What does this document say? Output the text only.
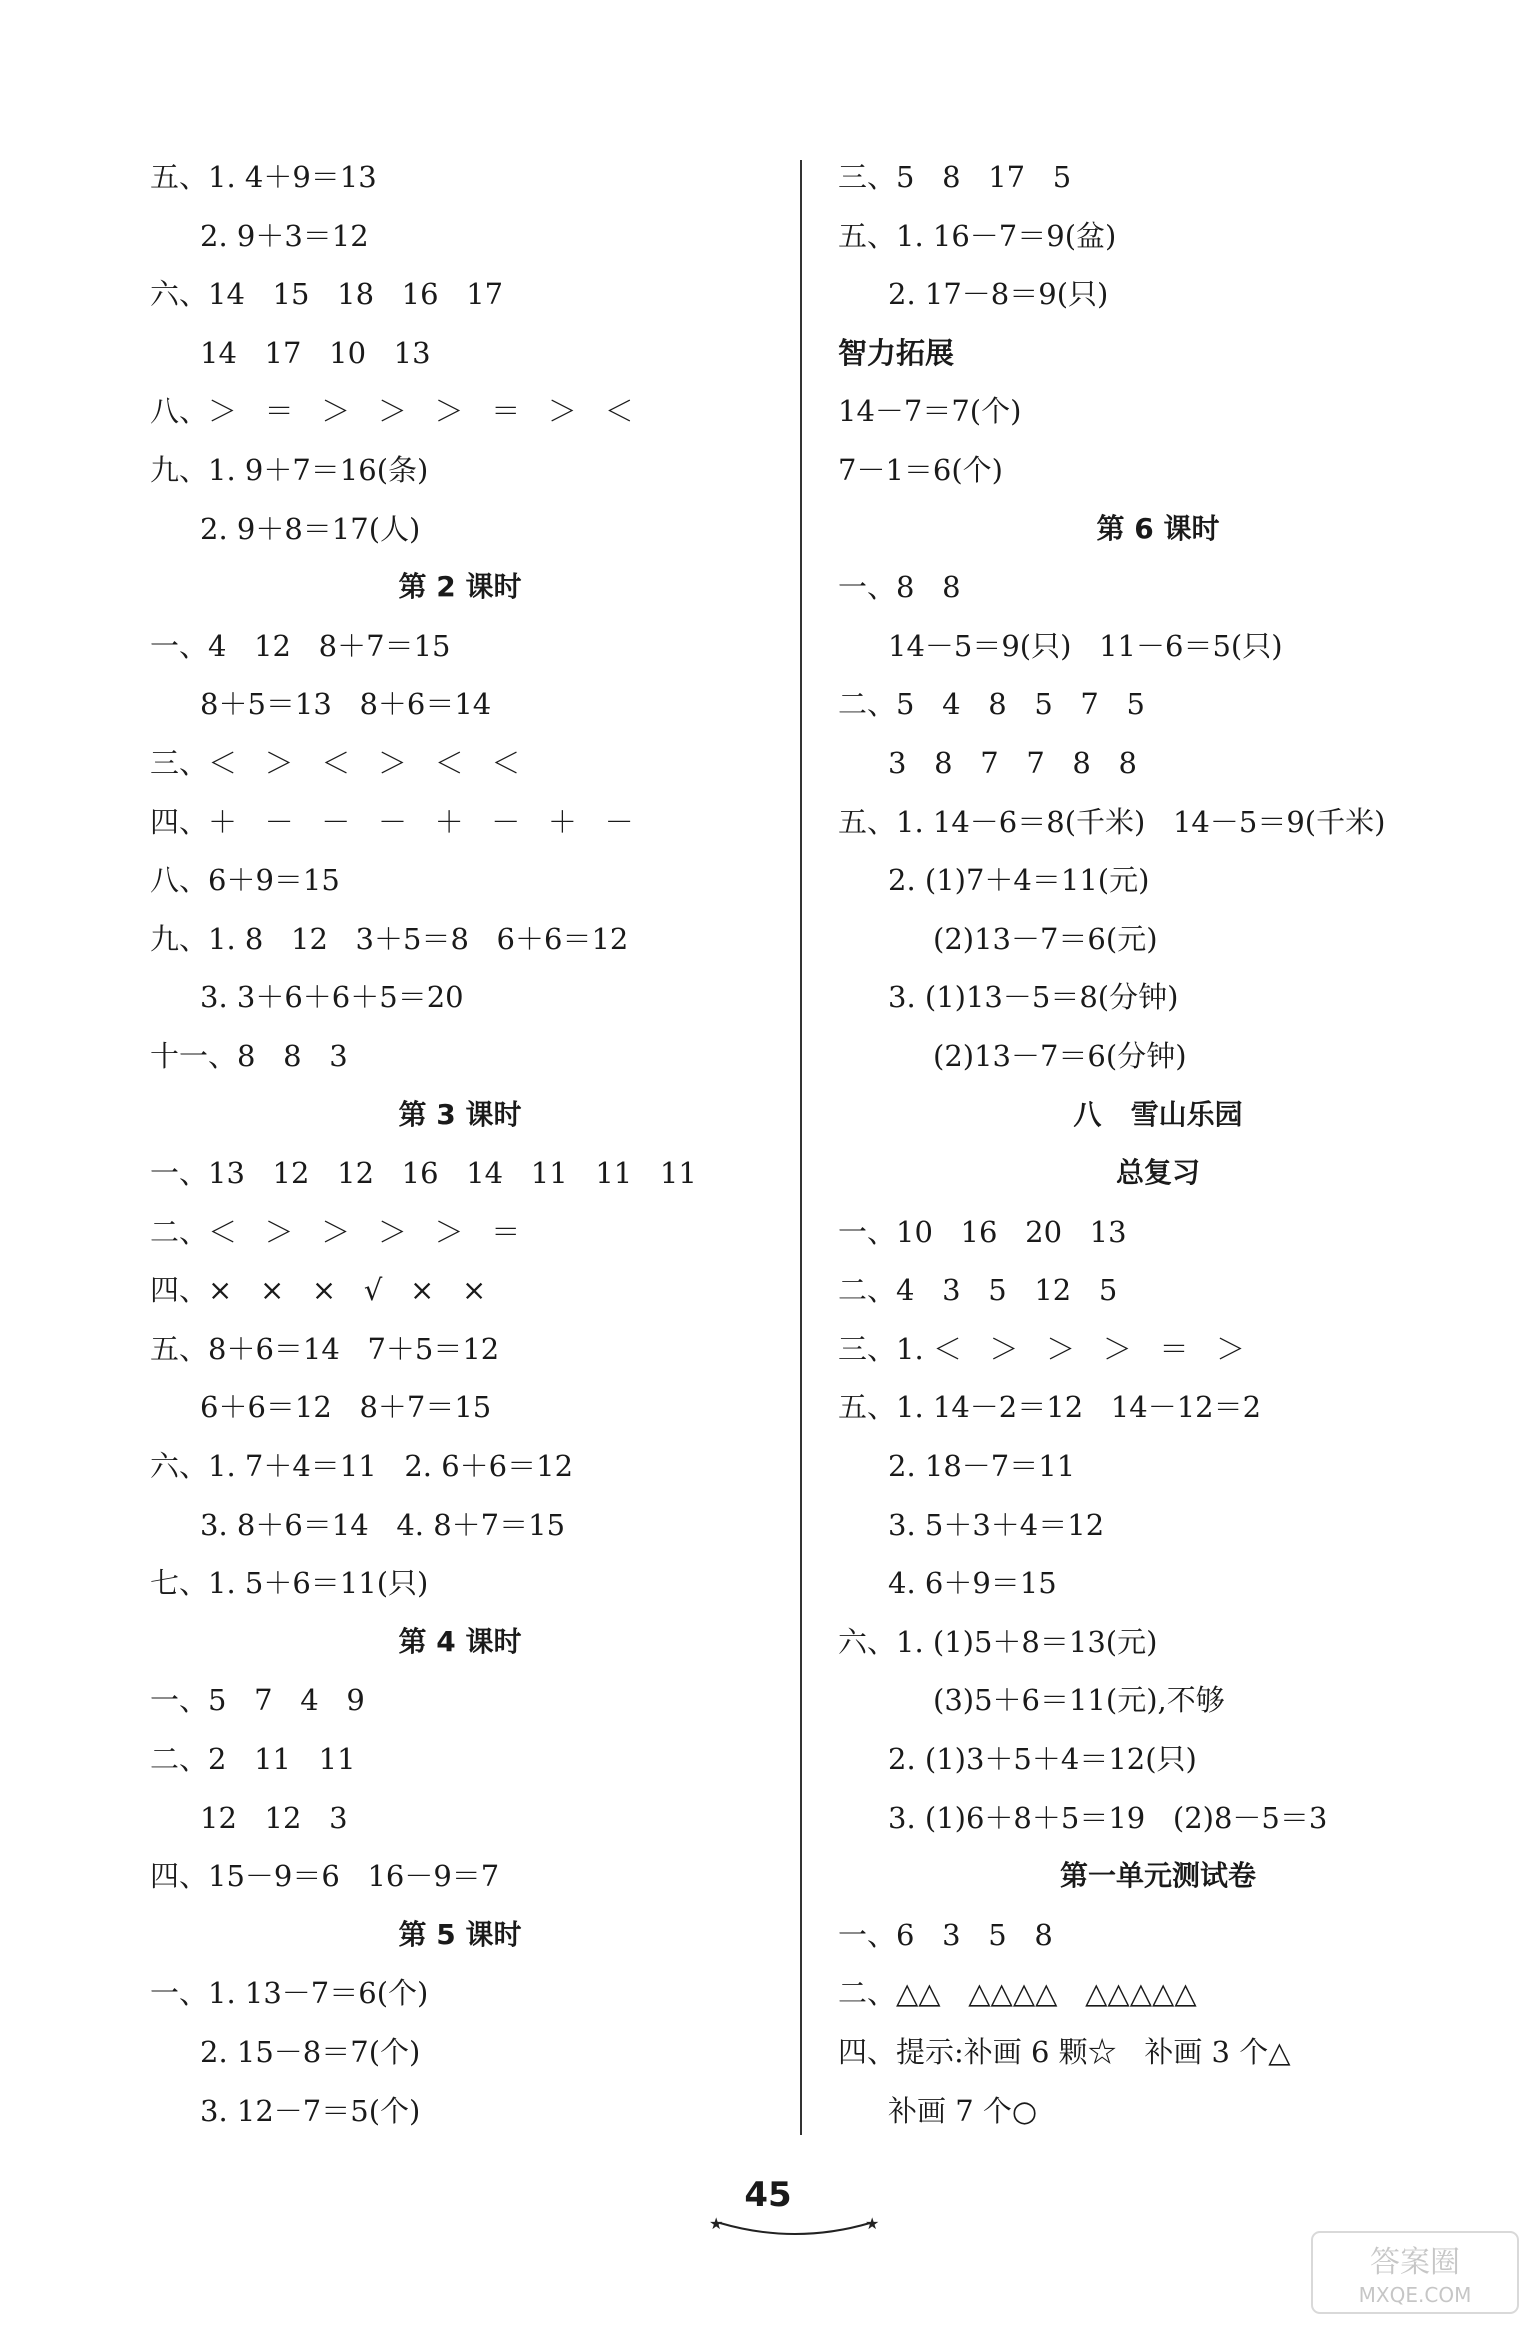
五、1. 4＋9＝13
2. 9＋3＝12
六、14   15   18   16   17
14   17   10   13
八、＞   ＝   ＞   ＞   ＞   ＝   ＞   ＜
九、1. 9＋7＝16(条)
2. 9＋8＝17(人)
第 2 课时
一、4   12   8＋7＝15
8＋5＝13   8＋6＝14
三、＜   ＞   ＜   ＞   ＜   ＜
四、＋   －   －   －   ＋   －   ＋   －
八、6＋9＝15
九、1. 8   12   3＋5＝8   6＋6＝12
3. 3＋6＋6＋5＝20
十一、8   8   3
第 3 课时
一、13   12   12   16   14   11   11   11
二、＜   ＞   ＞   ＞   ＞   ＝
四、×   ×   ×   √   ×   ×
五、8＋6＝14   7＋5＝12
6＋6＝12   8＋7＝15
六、1. 7＋4＝11   2. 6＋6＝12
3. 8＋6＝14   4. 8＋7＝15
七、1. 5＋6＝11(只)
第 4 课时
一、5   7   4   9
二、2   11   11
12   12   3
四、15－9＝6   16－9＝7
第 5 课时
一、1. 13－7＝6(个)
2. 15－8＝7(个)
3. 12－7＝5(个)
三、5   8   17   5
五、1. 16－7＝9(盆)
2. 17－8＝9(只)
智力拓展
14－7＝7(个)
7－1＝6(个)
第 6 课时
一、8   8
14－5＝9(只)   11－6＝5(只)
二、5   4   8   5   7   5
3   8   7   7   8   8
五、1. 14－6＝8(千米)   14－5＝9(千米)
2. (1)7＋4＝11(元)
(2)13－7＝6(元)
3. (1)13－5＝8(分钟)
(2)13－7＝6(分钟)
八   雪山乐园
总复习
一、10   16   20   13
二、4   3   5   12   5
三、1. ＜   ＞   ＞   ＞   ＝   ＞
五、1. 14－2＝12   14－12＝2
2. 18－7＝11
3. 5＋3＋4＝12
4. 6＋9＝15
六、1. (1)5＋8＝13(元)
(3)5＋6＝11(元),不够
2. (1)3＋5＋4＝12(只)
3. (1)6＋8＋5＝19   (2)8－5＝3
第一单元测试卷
一、6   3   5   8
二、△△   △△△△   △△△△△
四、提示:补画 6 颗☆   补画 3 个△
补画 7 个○
45
★	★
答案圈
MXQE.COM
